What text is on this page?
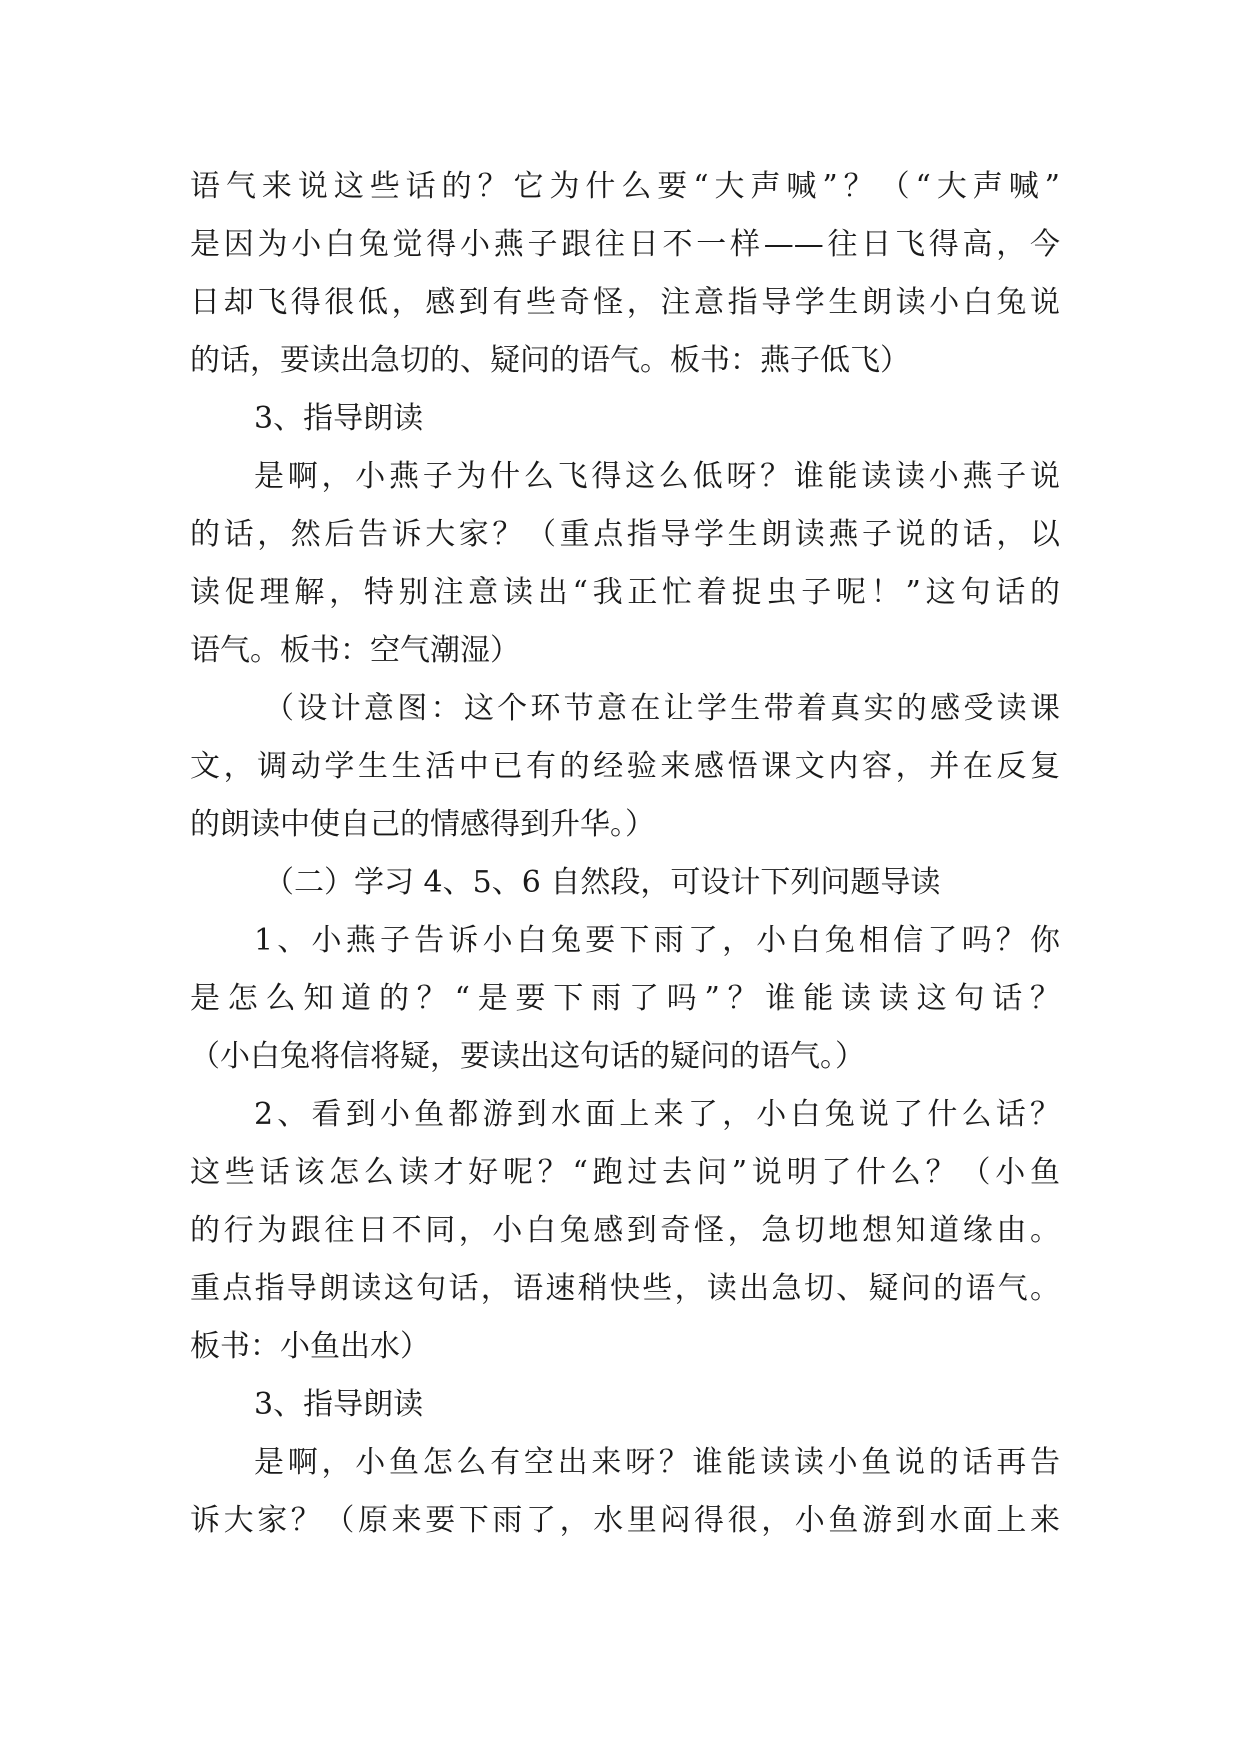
语气来说这些话的？它为什么要“大声喊”？（“大声喊”
是因为小白兔觉得小燕子跟往日不一样——往日飞得高，今
日却飞得很低，感到有些奇怪，注意指导学生朗读小白兔说
的话，要读出急切的、疑问的语气。板书：燕子低飞）
3、指导朗读
是啊，小燕子为什么飞得这么低呀？谁能读读小燕子说
的话，然后告诉大家？（重点指导学生朗读燕子说的话，以
读促理解，特别注意读出“我正忙着捉虫子呢！”这句话的
语气。板书：空气潮湿）
（设计意图：这个环节意在让学生带着真实的感受读课
文，调动学生生活中已有的经验来感悟课文内容，并在反复
的朗读中使自己的情感得到升华。）
（二）学习 4、5、6 自然段，可设计下列问题导读
1、小燕子告诉小白兔要下雨了，小白兔相信了吗？你
是怎么知道的？“是要下雨了吗”？谁能读读这句话？
（小白兔将信将疑，要读出这句话的疑问的语气。）
2、看到小鱼都游到水面上来了，小白兔说了什么话？
这些话该怎么读才好呢？“跑过去问”说明了什么？（小鱼
的行为跟往日不同，小白兔感到奇怪，急切地想知道缘由。
重点指导朗读这句话，语速稍快些，读出急切、疑问的语气。
板书：小鱼出水）
3、指导朗读
是啊，小鱼怎么有空出来呀？谁能读读小鱼说的话再告
诉大家？（原来要下雨了，水里闷得很，小鱼游到水面上来
